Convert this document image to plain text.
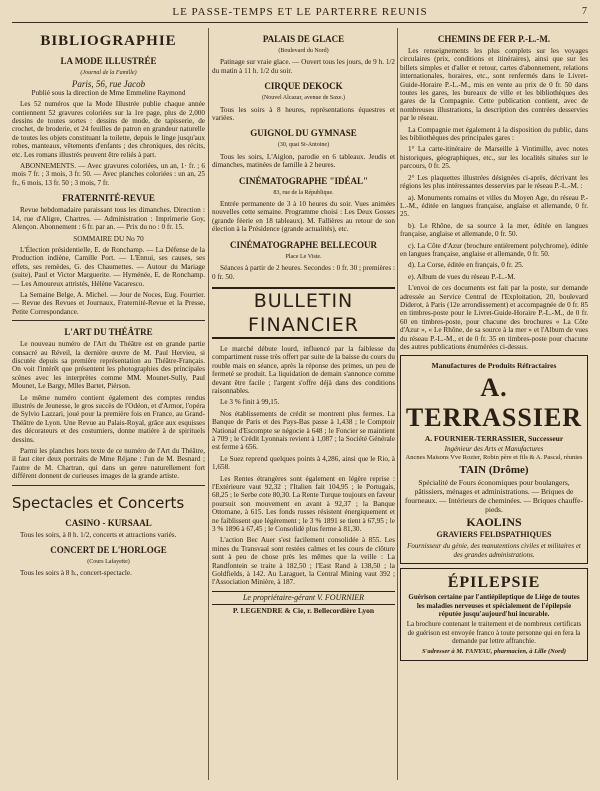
LE PASSE-TEMPS ET LE PARTERRE REUNIS	7
BIBLIOGRAPHIE
LA MODE ILLUSTRÉE
(Journal de la Famille)
Paris, 56, rue Jacob

Publié sous la direction de Mme Emmeline Raymond

Les 52 numéros que la Mode Illustrée publie chaque année contiennent 52 gravures coloriées sur la 1re page, plus de 2,000 dessins de toutes sortes : dessins de mode, de tapisserie, de crochet, de broderie, et 24 feuilles de patron en grandeur naturelle de toutes les objets constituant la toilette, depuis le linge jusqu'aux robes, manteaux, vêtements d'enfants ; des chroniques, des récits, etc. Les romans illustrés peuvent être reliés à part.

ABONNEMENTS. — Avec gravures coloriées, un an, 1· fr. ; 6 mois 7 fr. ; 3 mois, 3 fr. 50. — Avec planches coloriées : un an, 25 fr., 6 mois, 13 fr. 50 ; 3 mois, 7 fr.

FRATERNITÉ-REVUE

Revue hebdomadaire paraissant tous les dimanches. Direction : 14, rue d'Aligre, Chartres. — Administration : Imprimerie Goy, Alençon. Abonnement : 6 fr. par an. — Prix du no : 0 fr. 15.

SOMMAIRE DU No 70

L'Élection présidentielle, E. de Ronchamp. — La Défense de la Production indiène, Camille Port. — L'Ennui, ses causes, ses effets, ses remèdes, G. des Chaumettes. — Autour du Mariage (suite), Paul et Victor Marguerite. — Hyménée, E. de Ronchamp. — Les Amoureux attristés, Hélène Vacaresco.

La Semaine Belge, A. Michel. — Jour de Noces, Eug. Fourrier. — Revue des Revues et Journaux, Fraternité-Revue et la Presse, Petite Correspondance.

L'ART DU THÉÂTRE

Le nouveau numéro de l'Art du Théâtre est en grande partie consacré au Réveil, la dernière œuvre de M. Paul Hervieu, si discutée depuis sa première représentation au Théâtre-Français. On voit l'intérêt que présentent les photographies des principales scènes avec les interprètes comme MM. Mounet-Sully, Paul Mounet, Le Bargy, Mlles Bartet, Piérson.

Le même numéro contient également des comptes rendus illustrés de Jeunesse, le gros succès de l'Odéon, et d'Armor, l'opéra de Sylvio Lazzari, joué pour la première fois en France, au Grand-Théâtre de Lyon. Une Revue au Palais-Royal, grâce aux esquisses des décorateurs et des costumiers, donne matière à de spirituels dessins.

Parmi les planches hors texte de ce numéro de l'Art du Théâtre, il faut citer deux portraits de Mme Réjane : l'un de M. Besnard ; l'autre de M. Chartran, qui dans un genre naturellement fort différent donnent de curieuses images de la grande artiste.

Spectacles et Concerts
CASINO - KURSAAL

Tous les soirs, à 8 h. 1/2, concerts et attractions variés.

CONCERT DE L'HORLOGE
(Cours Lafayette)

Tous les soirs à 8 h., concert-spectacle.

PALAIS DE GLACE
(Boulevard du Nord)

Patinage sur vraie glace. — Ouvert tous les jours, de 9 h. 1/2 du matin à 11 h. 1/2 du soir.

CIRQUE DEKOCK
(Nouvel Alcazar, avenue de Saxe.)

Tous les soirs à 8 heures, représentations équestres et variées.

GUIGNOL DU GYMNASE
(30, quai St-Antoine)

Tous les soirs, L'Aiglon, parodie en 6 tableaux. Jeudis et dimanches, matinées de famille à 2 heures.

CINÉMATOGRAPHE "IDÉAL"
83, rue de la République.

Entrée permanente de 3 à 10 heures du soir. Vues animées nouvelles cette semaine. Programme choisi : Les Deux Gosses (grande féerie en 18 tableaux). M. Fallières au retour de son élection à la Présidence (grande actualités), etc.

CINÉMATOGRAPHE BELLECOUR
Place Le Viste.

Séances à partir de 2 heures. Secondes : 0 fr. 30 ; premières : 0 fr. 50.

BULLETIN FINANCIER

Le marché débute lourd, influencé par la faiblesse du compartiment russe très offert par suite de la baisse du cours du rouble mais en séance, après la réponse des primes, un peu de fermeté se produit. La liquidation de demain s'annonce comme devant être facile ; l'argent s'offre déjà dans des conditions raisonnables.

Le 3 % finit à 99,15.

Nos établissements de crédit se montrent plus fermes. La Banque de Paris et des Pays-Bas passe à 1,438 ; le Comptoir National d'Escompte se négocie à 648 ; le Foncier se maintient à 709 ; le Crédit Lyonnais revient à 1,087 ; la Société Générale est ferme à 656.

Le Suez reprend quelques points à 4,286, ainsi que le Rio, à 1,658.

Les Rentes étrangères sont également en légère reprise : l'Extérieure vaut 92,32 ; l'Italien fait 104,95 ; le Portugais, 68,25 ; le Serbe cote 80,30. La Rente Turque toujours en faveur poursuit son mouvement en avant à 92,37 ; la Banque Ottomane, à 615. Les fonds russes résistent énergiquement et ne faiblissent que légèrement ; le 3 % 1891 se tient à 67,95 ; le 3 % 1896 à 67,45 ; le Consolidé plus ferme à 81,30.

L'action Bec Auer s'est facilement consolidée à 855. Les mines du Transvaal sont restées calmes et les cours de clôture sont à peu de chose près les mêmes que la veille : La Randfontein se traite à 182,50 ; l'East Rand à 138,50 ; la Goldfields, à 142. Au Laraguet, la Central Mining vaut 392 ; l'Association Minière, à 187.

Le propriétaire-gérant V. FOURNIER
P. LEGENDRE & Cie, r. Bellecordière Lyon
CHEMINS DE FER P.-L.-M.

Les renseignements les plus complets sur les voyages circulaires (prix, conditions et itinéraires), ainsi que sur les billets simples et d'aller et retour, cartes d'abonnement, relations internationales, horaires, etc., sont renfermés dans le Livret-Guide-Horaire P.-L.-M., mis en vente au prix de 0 fr. 50 dans toutes les gares, les bureaux de ville et les bibliothèques des gares de la Compagnie. Cette publication contient, avec de nombreuses illustrations, la description des contrées desservies par le réseau.

La Compagnie met également à la disposition du public, dans les bibliothèques des principales gares :

1° La carte-itinéraire de Marseille à Vintimille, avec notes historiques, géographiques, etc., sur les localités situées sur le parcours, 0 fr. 25.

2° Les plaquettes illustrées désignées ci-après, décrivant les régions les plus intéressantes desservies par le réseau P.-L.-M. :

a). Monuments romains et villes du Moyen Age, du réseau P.-L.-M., éditée en langues française, anglaise et allemande, 0 fr. 25.

b). Le Rhône, de sa source à la mer, éditée en langues française, anglaise et allemande, 0 fr. 50.

c). La Côte d'Azur (brochure entièrement polychrome), éditée en langues française, anglaise et allemande, 0 fr. 50.

d). La Corse, éditée en français, 0 fr. 25.

e). Album de vues du réseau P.-L.-M.

L'envoi de ces documents est fait par la poste, sur demande adressée au Service Central de l'Exploitation, 20, boulevard Diderot, à Paris (12e arrondissement) et accompagnée de 0 fr. 85 en timbres-poste pour le Livret-Guide-Horaire P.-L.-M., de 0 fr. 60 en timbres-poste, pour chacune des brochures « La Côte d'Azur », « Le Rhône, de sa source à la mer » et l'Album de vues du réseau P.-L.-M., et de 0 fr. 35 en timbres-poste pour chacune des autres publications énumérées ci-dessus.

Manufactures de Produits Réfractaires
A. TERRASSIER
A. FOURNIER-TERRASSIER, Successeur
Ingénieur des Arts et Manufactures
Ancnes Maisons Vve Rozier, Robin père et fils & A. Pascal, réunies
TAIN (Drôme)
Spécialité de Fours économiques pour boulangers, pâtissiers, ménages et administrations. — Briques de fourneaux. — Intérieurs de cheminées. — Briques chauffe-pieds.
KAOLINS
GRAVIERS FELDSPATHIQUES
Fournisseur du génie, des manutentions civiles et militaires et des grandes administrations.
ÉPILEPSIE
Guérison certaine par l'antiépileptique de Liège de toutes les maladies nerveuses et spécialement de l'épilepsie réputée jusqu'aujourd'hui incurable.
La brochure contenant le traitement et de nombreux certificats de guérison est envoyée franco à toute personne qui en fera la demande par lettre affranchie.
S'adresser à M. FANYAU, pharmacien, à Lille (Nord)
